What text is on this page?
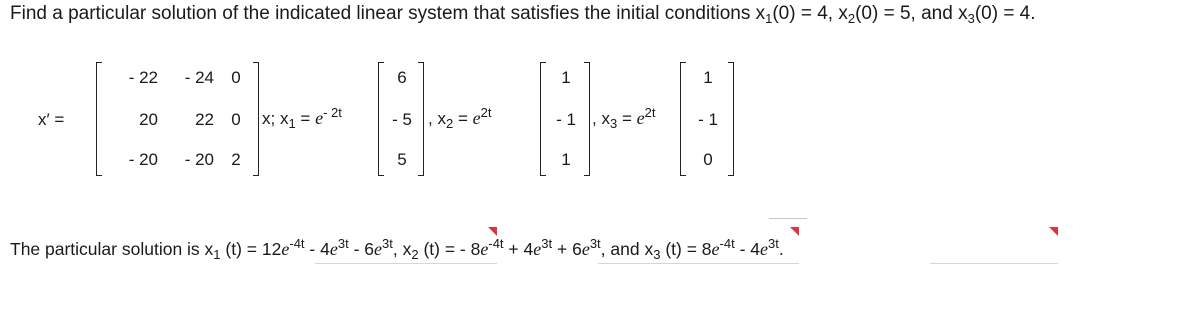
Find a particular solution of the indicated linear system that satisfies the initial conditions $x_1(0) = 4$, $x_2(0) = 5$, and $x_3(0) = 4$.
x′ =
- 22	- 24	0
20	22	0
- 20	- 20	2
x; $x_1 = e^{- 2t}$
6
- 5
5
, $x_2 = e^{2t}$
1
- 1
1
, $x_3 = e^{2t}$
1
- 1
0
The particular solution is $x_1$ $(t) = 12e^{-4t} - 4e^{3t} - 6e^{3t}$, $x_2$ (t) = - $8e^{-4t} + 4e^{3t} + 6e^{3t}$, and $x_3$ $(t) = 8e^{-4t} - 4e^{3t}$.
